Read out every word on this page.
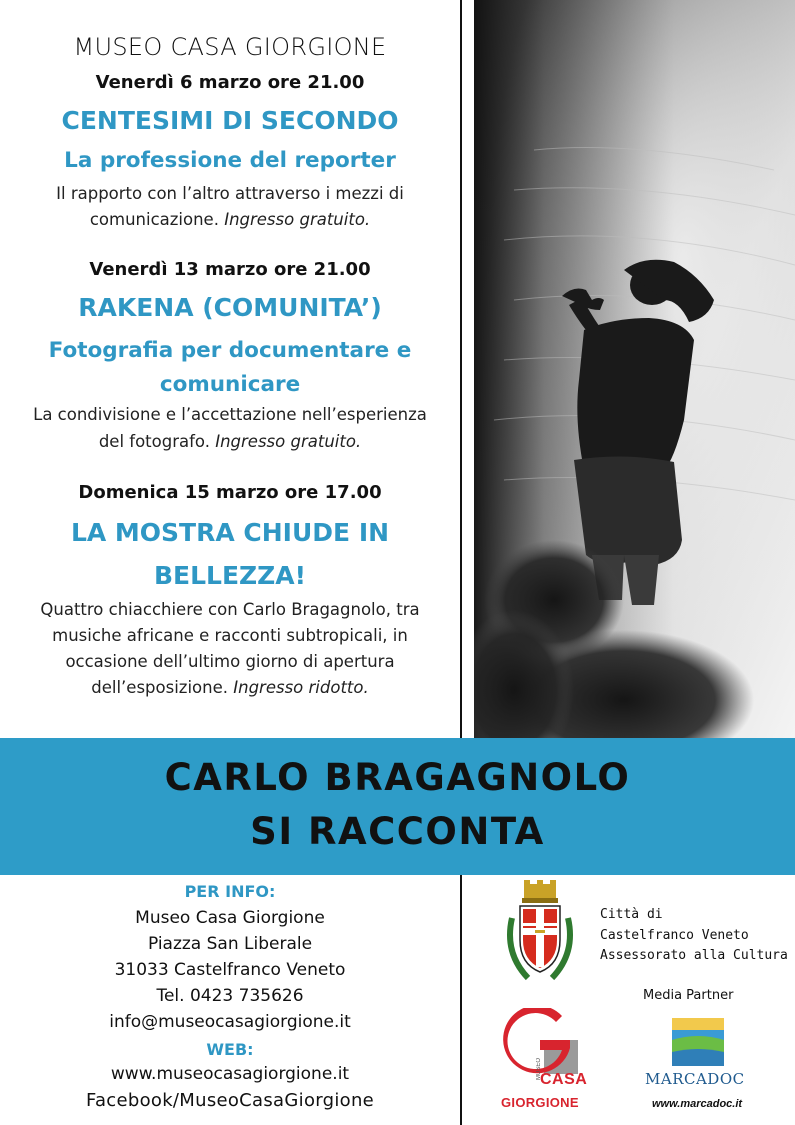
MUSEO CASA GIORGIONE
Venerdì 6 marzo ore 21.00
CENTESIMI DI SECONDO
La professione del reporter
Il rapporto con l’altro attraverso i mezzi di
comunicazione. Ingresso gratuito.
Venerdì 13 marzo ore 21.00
RAKENA (COMUNITA’)
Fotografia per documentare e
comunicare
La condivisione e l’accettazione nell’esperienza
del fotografo. Ingresso gratuito.
Domenica 15 marzo ore 17.00
LA MOSTRA CHIUDE IN
BELLEZZA!
Quattro chiacchiere con Carlo Bragagnolo, tra
musiche africane e racconti subtropicali, in
occasione dell’ultimo giorno di apertura
dell’esposizione. Ingresso ridotto.
CARLO BRAGAGNOLO
SI RACCONTA
PER INFO:
Museo Casa Giorgione
Piazza San Liberale
31033 Castelfranco Veneto
Tel. 0423 735626
info@museocasagiorgione.it
WEB:
www.museocasagiorgione.it
Facebook/MuseoCasaGiorgione
Città di
Castelfranco Veneto
Assessorato alla Cultura
Media Partner
MUSEO
CASA
GIORGIONE
MARCADOC
www.marcadoc.it
